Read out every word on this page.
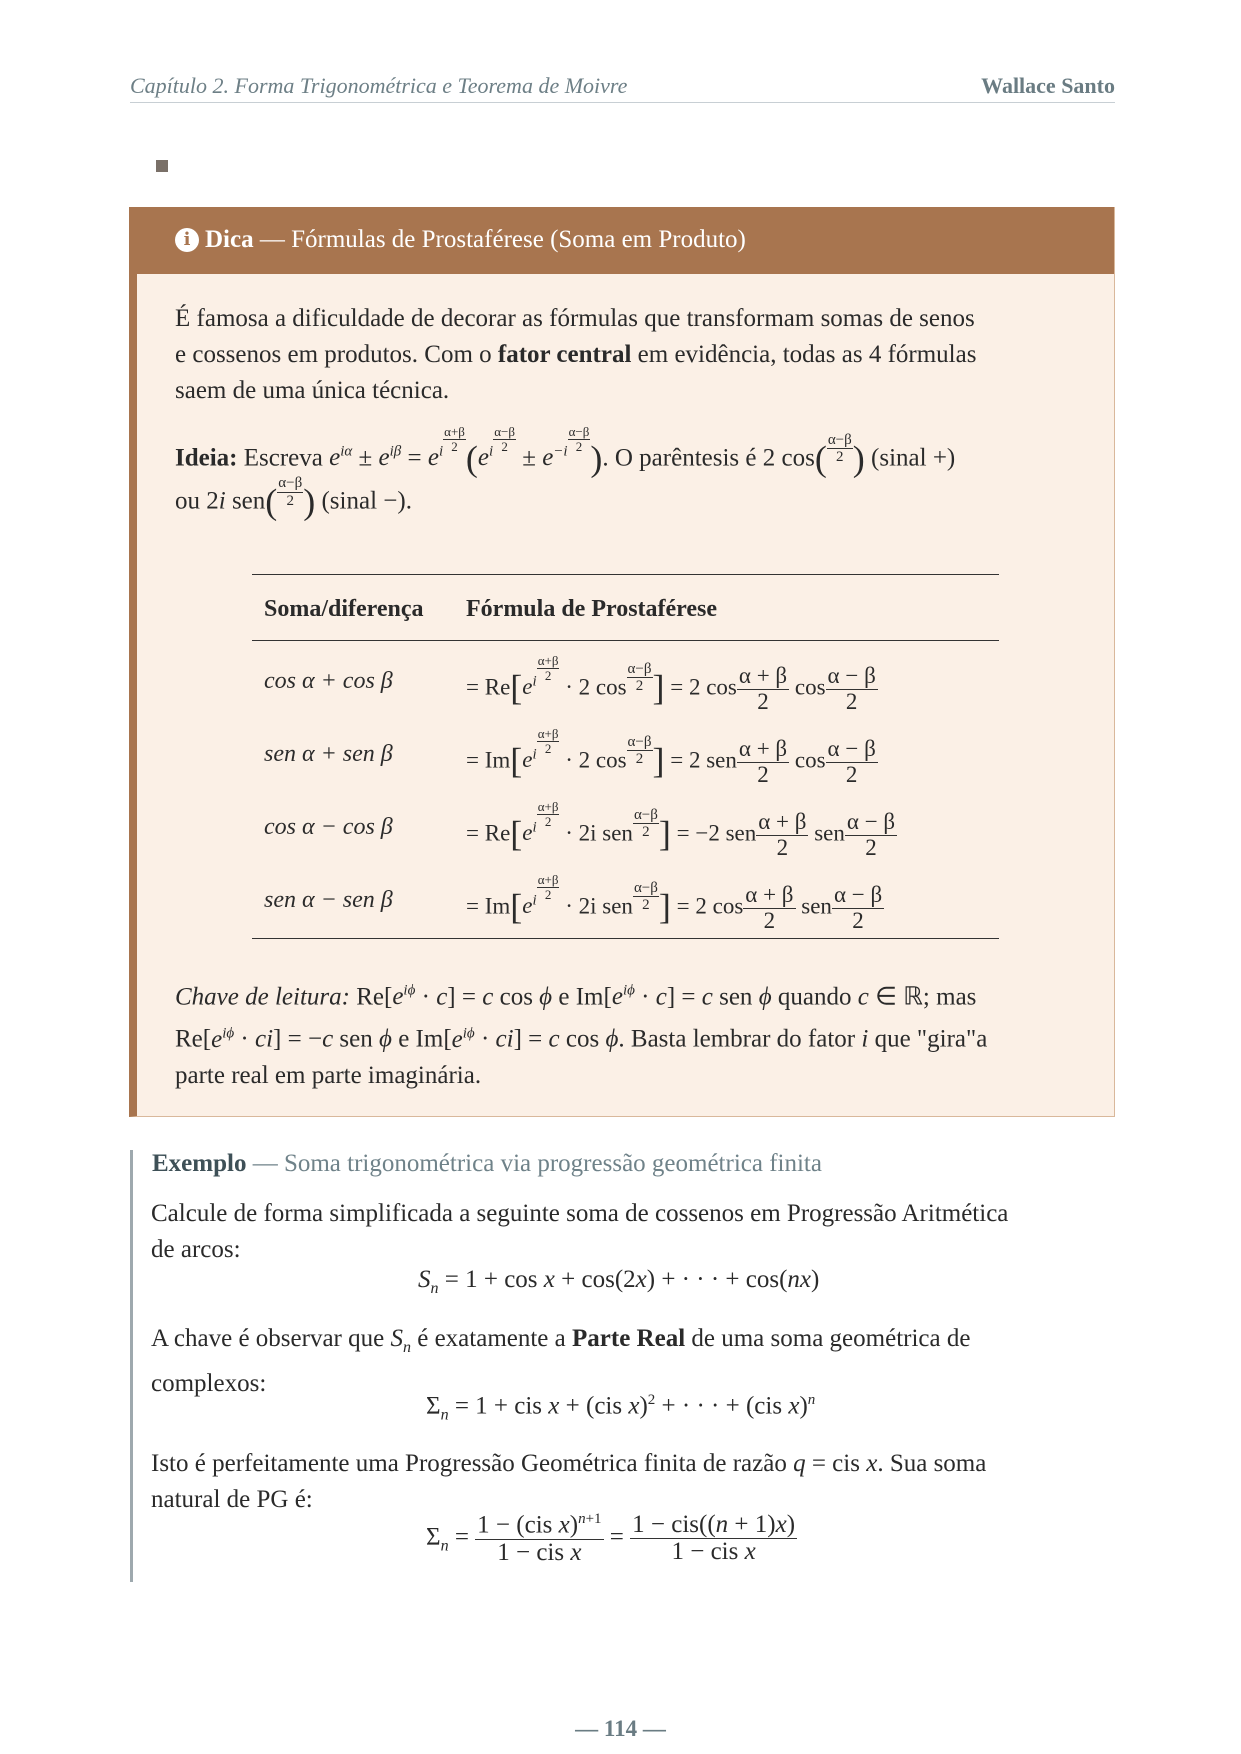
Capítulo 2. Forma Trigonométrica e Teorema de Moivre	Wallace Santo
i Dica — Fórmulas de Prostaférese (Soma em Produto)
É famosa a dificuldade de decorar as fórmulas que transformam somas de senos
e cossenos em produtos. Com o fator central em evidência, todas as 4 fórmulas
saem de uma única técnica.
Ideia: Escreva $e^{i\alpha} \pm e^{i\beta} = e^i \frac{\alpha+\beta}{2} (e^i \frac{\alpha-\beta}{2}$
± $e^{-i} \frac{\alpha-\beta}{2}$ ). O parêntesis é 2 $\cos( \frac{\alpha-\beta}{2}$ ) (sinal +)
ou 2i $sen( \frac{\alpha-\beta}{2}$ ) (sinal −).
Chave de leitura: $Re[e^{i\phi} \cdot c] = c$ cos ϕ e $Im[e^{i\phi} \cdot c] = c$ sen ϕ quando c ∈ ℝ; mas
$Re[e^{i\phi} \cdot ci] = -c$ sen ϕ e $Im[e^{i\phi} \cdot ci] = c$ cos ϕ. Basta lembrar do fator i que "gira"a
parte real em parte imaginária.
Soma/diferença Fórmula de Prostaférese
cos α + cos β	= $Re[e^i \frac{\alpha+\beta}{2}$
· 2 $\cos \frac{\alpha-\beta}{2}$ ] = 2 $\cos \frac{\alpha + \beta}{2}$ $\cos \frac{\alpha - \beta}{2}$
sen α + sen β	= $Im[e^i \frac{\alpha+\beta}{2}$
· 2 $\cos \frac{\alpha-\beta}{2}$ ] = 2 sen $\frac{\alpha + \beta}{2}$ $\cos \frac{\alpha - \beta}{2}$
cos α − cos β	= $Re[e^i \frac{\alpha+\beta}{2}$
· 2i sen $\frac{\alpha-\beta}{2}$ ] = −2 sen $\frac{\alpha + \beta}{2}$ sen $\frac{\alpha - \beta}{2}$
sen α − sen β	= $Im[e^i \frac{\alpha+\beta}{2}$
· 2i sen $\frac{\alpha-\beta}{2}$ ] = 2 $\cos \frac{\alpha + \beta}{2}$ sen $\frac{\alpha - \beta}{2}$
Exemplo — Soma trigonométrica via progressão geométrica finita
Calcule de forma simplificada a seguinte soma de cossenos em Progressão Aritmética
de arcos:
$S_n = 1 + \cos x + \cos(2x)$ + · · · + cos(nx)
A chave é observar que $S_n$ é exatamente a Parte Real de uma soma geométrica de
complexos:
$\Sigma_n = 1$ + cis x + (cis x)$^2$ + · · · + (cis x)$^n$
Isto é perfeitamente uma Progressão Geométrica finita de razão q = cis x. Sua soma
natural de PG é:
$\Sigma_n = \frac{1 - (cis x)^{n+1}}{\text{1 − cis x}} = \frac{\text{1 − cis((n + 1)x)}}{\text{1 − cis x}}$
— 114 —
